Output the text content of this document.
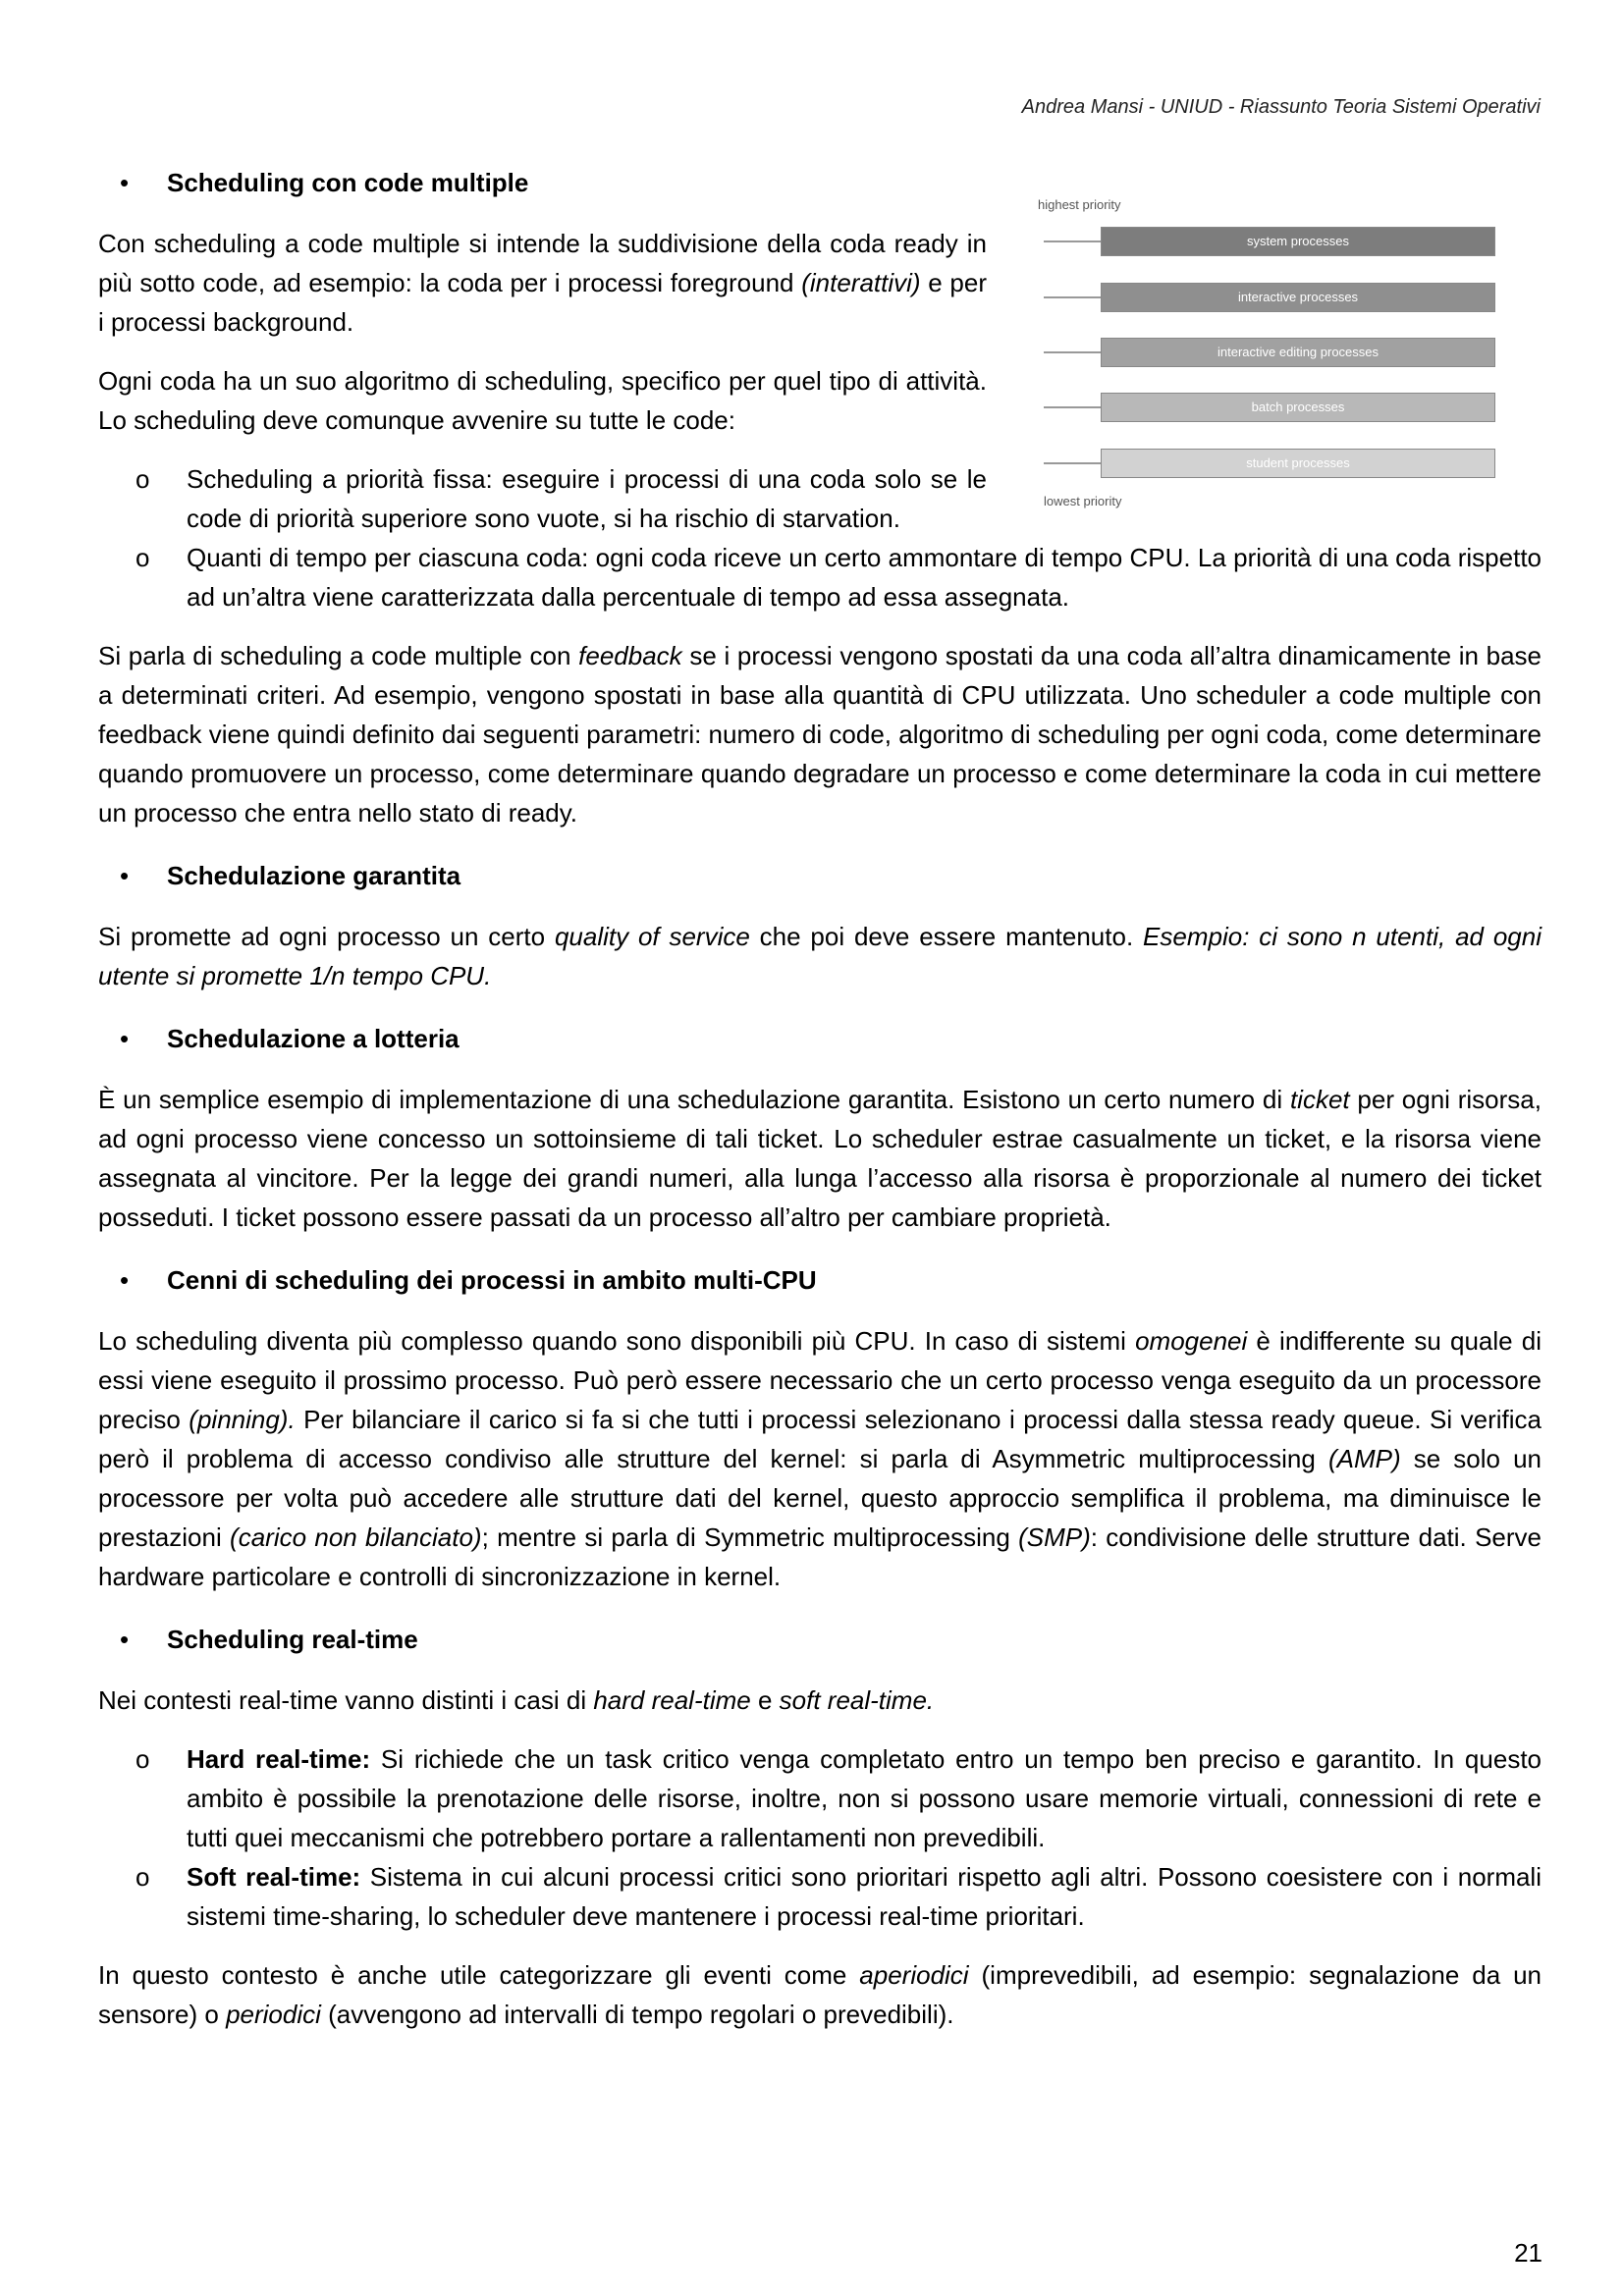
Andrea Mansi - UNIUD - Riassunto Teoria Sistemi Operativi
highest priority
system processes
interactive processes
interactive editing processes
batch processes
student processes
lowest priority
• Scheduling con code multiple

Con scheduling a code multiple si intende la suddivisione della coda ready in più sotto code, ad esempio: la coda per i processi foreground (interattivi) e per i processi background.

Ogni coda ha un suo algoritmo di scheduling, specifico per quel tipo di attività. Lo scheduling deve comunque avvenire su tutte le code:

o Scheduling a priorità fissa: eseguire i processi di una coda solo se le code di priorità superiore sono vuote, si ha rischio di starvation.
o Quanti di tempo per ciascuna coda: ogni coda riceve un certo ammontare di tempo CPU. La priorità di una coda rispetto ad un’altra viene caratterizzata dalla percentuale di tempo ad essa assegnata.

Si parla di scheduling a code multiple con feedback se i processi vengono spostati da una coda all’altra dinamicamente in base a determinati criteri. Ad esempio, vengono spostati in base alla quantità di CPU utilizzata. Uno scheduler a code multiple con feedback viene quindi definito dai seguenti parametri: numero di code, algoritmo di scheduling per ogni coda, come determinare quando promuovere un processo, come determinare quando degradare un processo e come determinare la coda in cui mettere un processo che entra nello stato di ready.

• Schedulazione garantita

Si promette ad ogni processo un certo quality of service che poi deve essere mantenuto. Esempio: ci sono n utenti, ad ogni utente si promette 1/n tempo CPU.

• Schedulazione a lotteria

È un semplice esempio di implementazione di una schedulazione garantita. Esistono un certo numero di ticket per ogni risorsa, ad ogni processo viene concesso un sottoinsieme di tali ticket. Lo scheduler estrae casualmente un ticket, e la risorsa viene assegnata al vincitore. Per la legge dei grandi numeri, alla lunga l’accesso alla risorsa è proporzionale al numero dei ticket posseduti. I ticket possono essere passati da un processo all’altro per cambiare proprietà.

• Cenni di scheduling dei processi in ambito multi-CPU

Lo scheduling diventa più complesso quando sono disponibili più CPU. In caso di sistemi omogenei è indifferente su quale di essi viene eseguito il prossimo processo. Può però essere necessario che un certo processo venga eseguito da un processore preciso (pinning). Per bilanciare il carico si fa si che tutti i processi selezionano i processi dalla stessa ready queue. Si verifica però il problema di accesso condiviso alle strutture del kernel: si parla di Asymmetric multiprocessing (AMP) se solo un processore per volta può accedere alle strutture dati del kernel, questo approccio semplifica il problema, ma diminuisce le prestazioni (carico non bilanciato); mentre si parla di Symmetric multiprocessing (SMP): condivisione delle strutture dati. Serve hardware particolare e controlli di sincronizzazione in kernel.

• Scheduling real-time

Nei contesti real-time vanno distinti i casi di hard real-time e soft real-time.

o Hard real-time: Si richiede che un task critico venga completato entro un tempo ben preciso e garantito. In questo ambito è possibile la prenotazione delle risorse, inoltre, non si possono usare memorie virtuali, connessioni di rete e tutti quei meccanismi che potrebbero portare a rallentamenti non prevedibili.
o Soft real-time: Sistema in cui alcuni processi critici sono prioritari rispetto agli altri. Possono coesistere con i normali sistemi time-sharing, lo scheduler deve mantenere i processi real-time prioritari.

In questo contesto è anche utile categorizzare gli eventi come aperiodici (imprevedibili, ad esempio: segnalazione da un sensore) o periodici (avvengono ad intervalli di tempo regolari o prevedibili).

21
